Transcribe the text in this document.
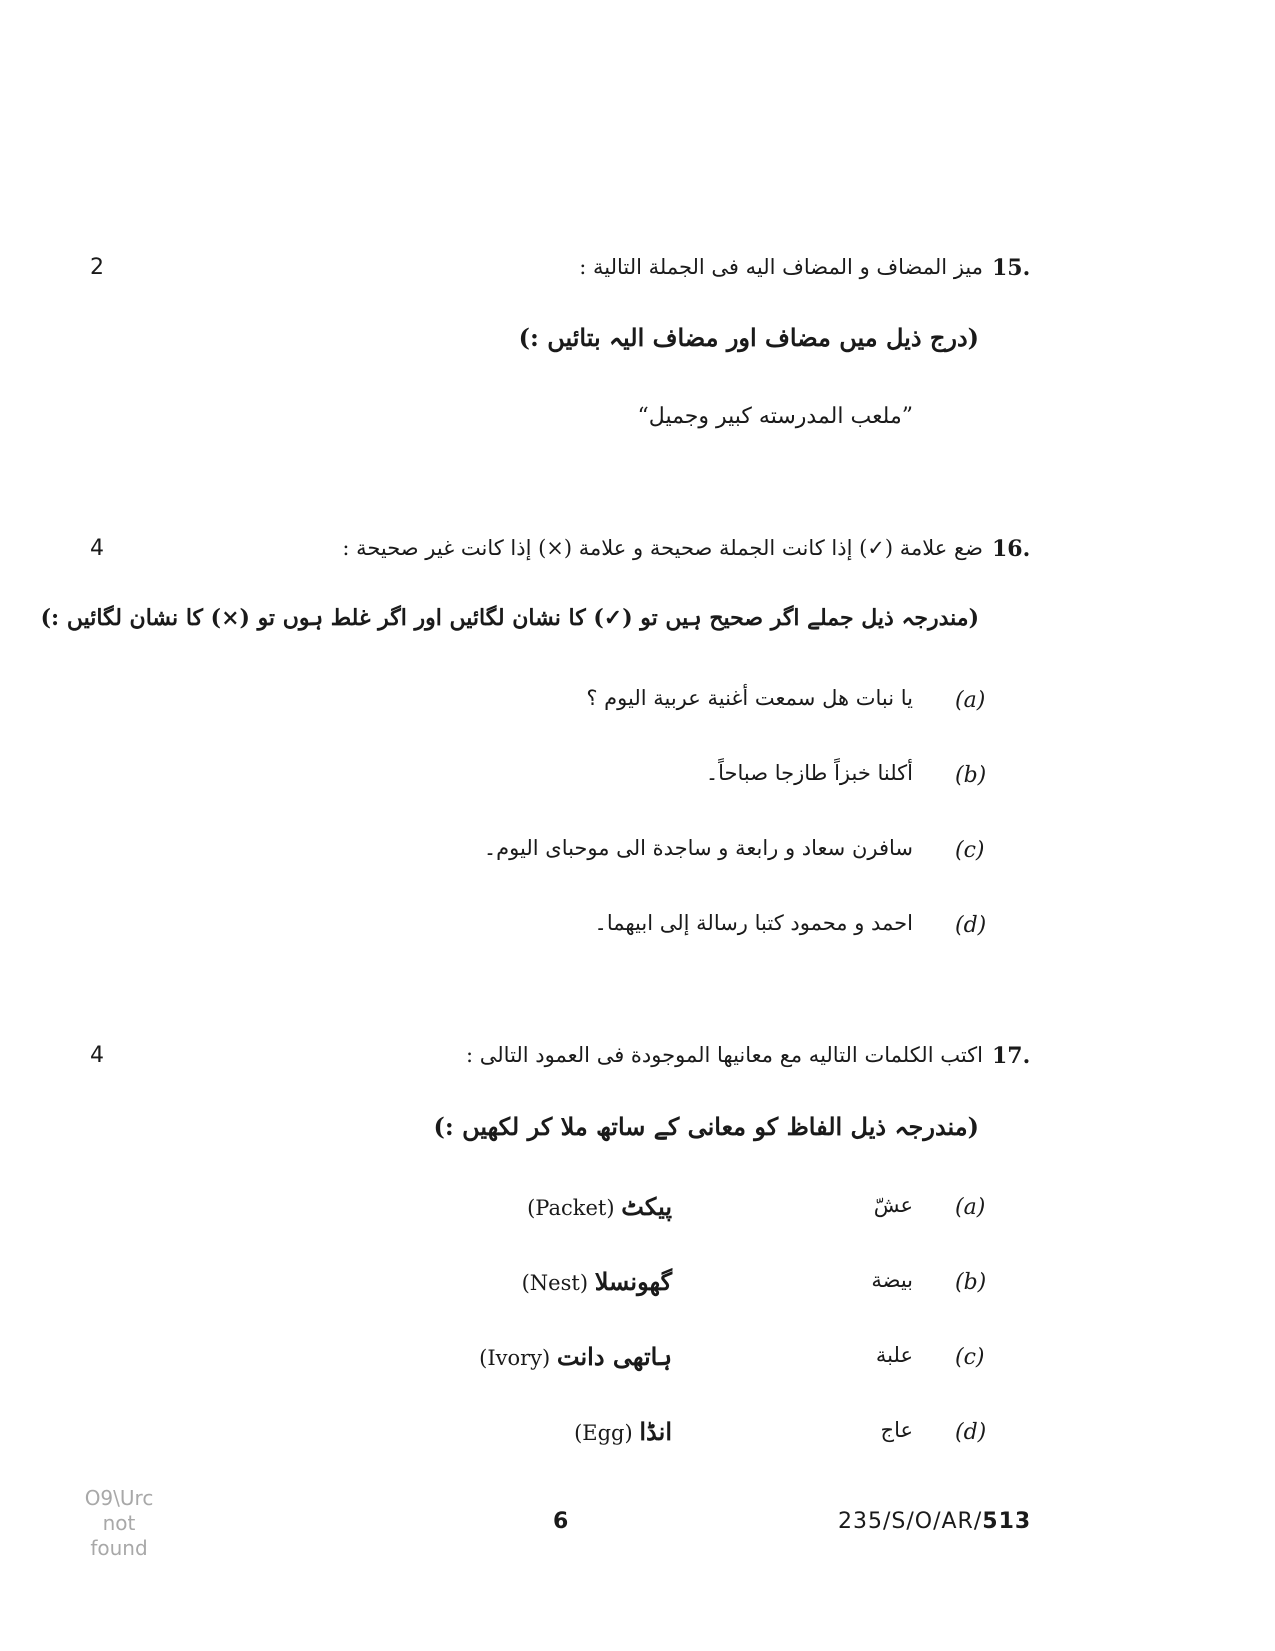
2	15.
ميز المضاف و المضاف اليه فى الجملة التالية :
(درج ذیل میں مضاف اور مضاف الیہ بتائیں :)
”ملعب المدرسته کبیر وجمیل“
4	16.
ضع علامة (✓) إذا كانت الجملة صحيحة و علامة (×) إذا كانت غير صحيحة :
(مندرجہ ذیل جملے اگر صحیح ہیں تو (✓) کا نشان لگائیں اور اگر غلط ہوں تو (×) کا نشان لگائیں :)
(a)
يا نبات هل سمعت أغنية عربية اليوم ؟
(b)
أكلنا خبزاً طازجا صباحاً۔
(c)
سافرن سعاد و رابعة و ساجدة الى موحباى اليوم۔
(d)
احمد و محمود كتبا رسالة إلى ابيهما۔
4	17.
اكتب الكلمات التاليه مع معانيها الموجودة فى العمود التالى :
(مندرجہ ذیل الفاظ کو معانی کے ساتھ ملا کر لکھیں :)
(a)
عشّ
(Packet) پیکٹ
(b)
بيضة
(Nest) گھونسلا
(c)
علبة
(Ivory) ہاتھی دانت
(d)
عاج
(Egg) انڈا
O9\Urc
not
found
6	235/S/O/AR/513
